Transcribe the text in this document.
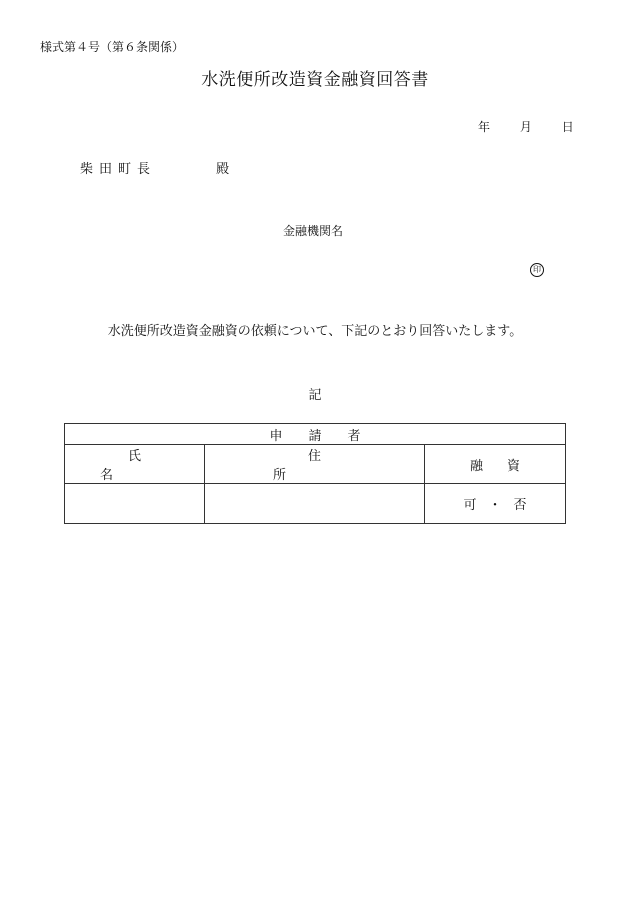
様式第４号（第６条関係）
水洗便所改造資金融資回答書
年 月 日
柴田町長	殿
金融機関名
印
水洗便所改造資金融資の依頼について、下記のとおり回答いたします。
記
申請者		
氏名	住所	融資
		可 ・ 否
